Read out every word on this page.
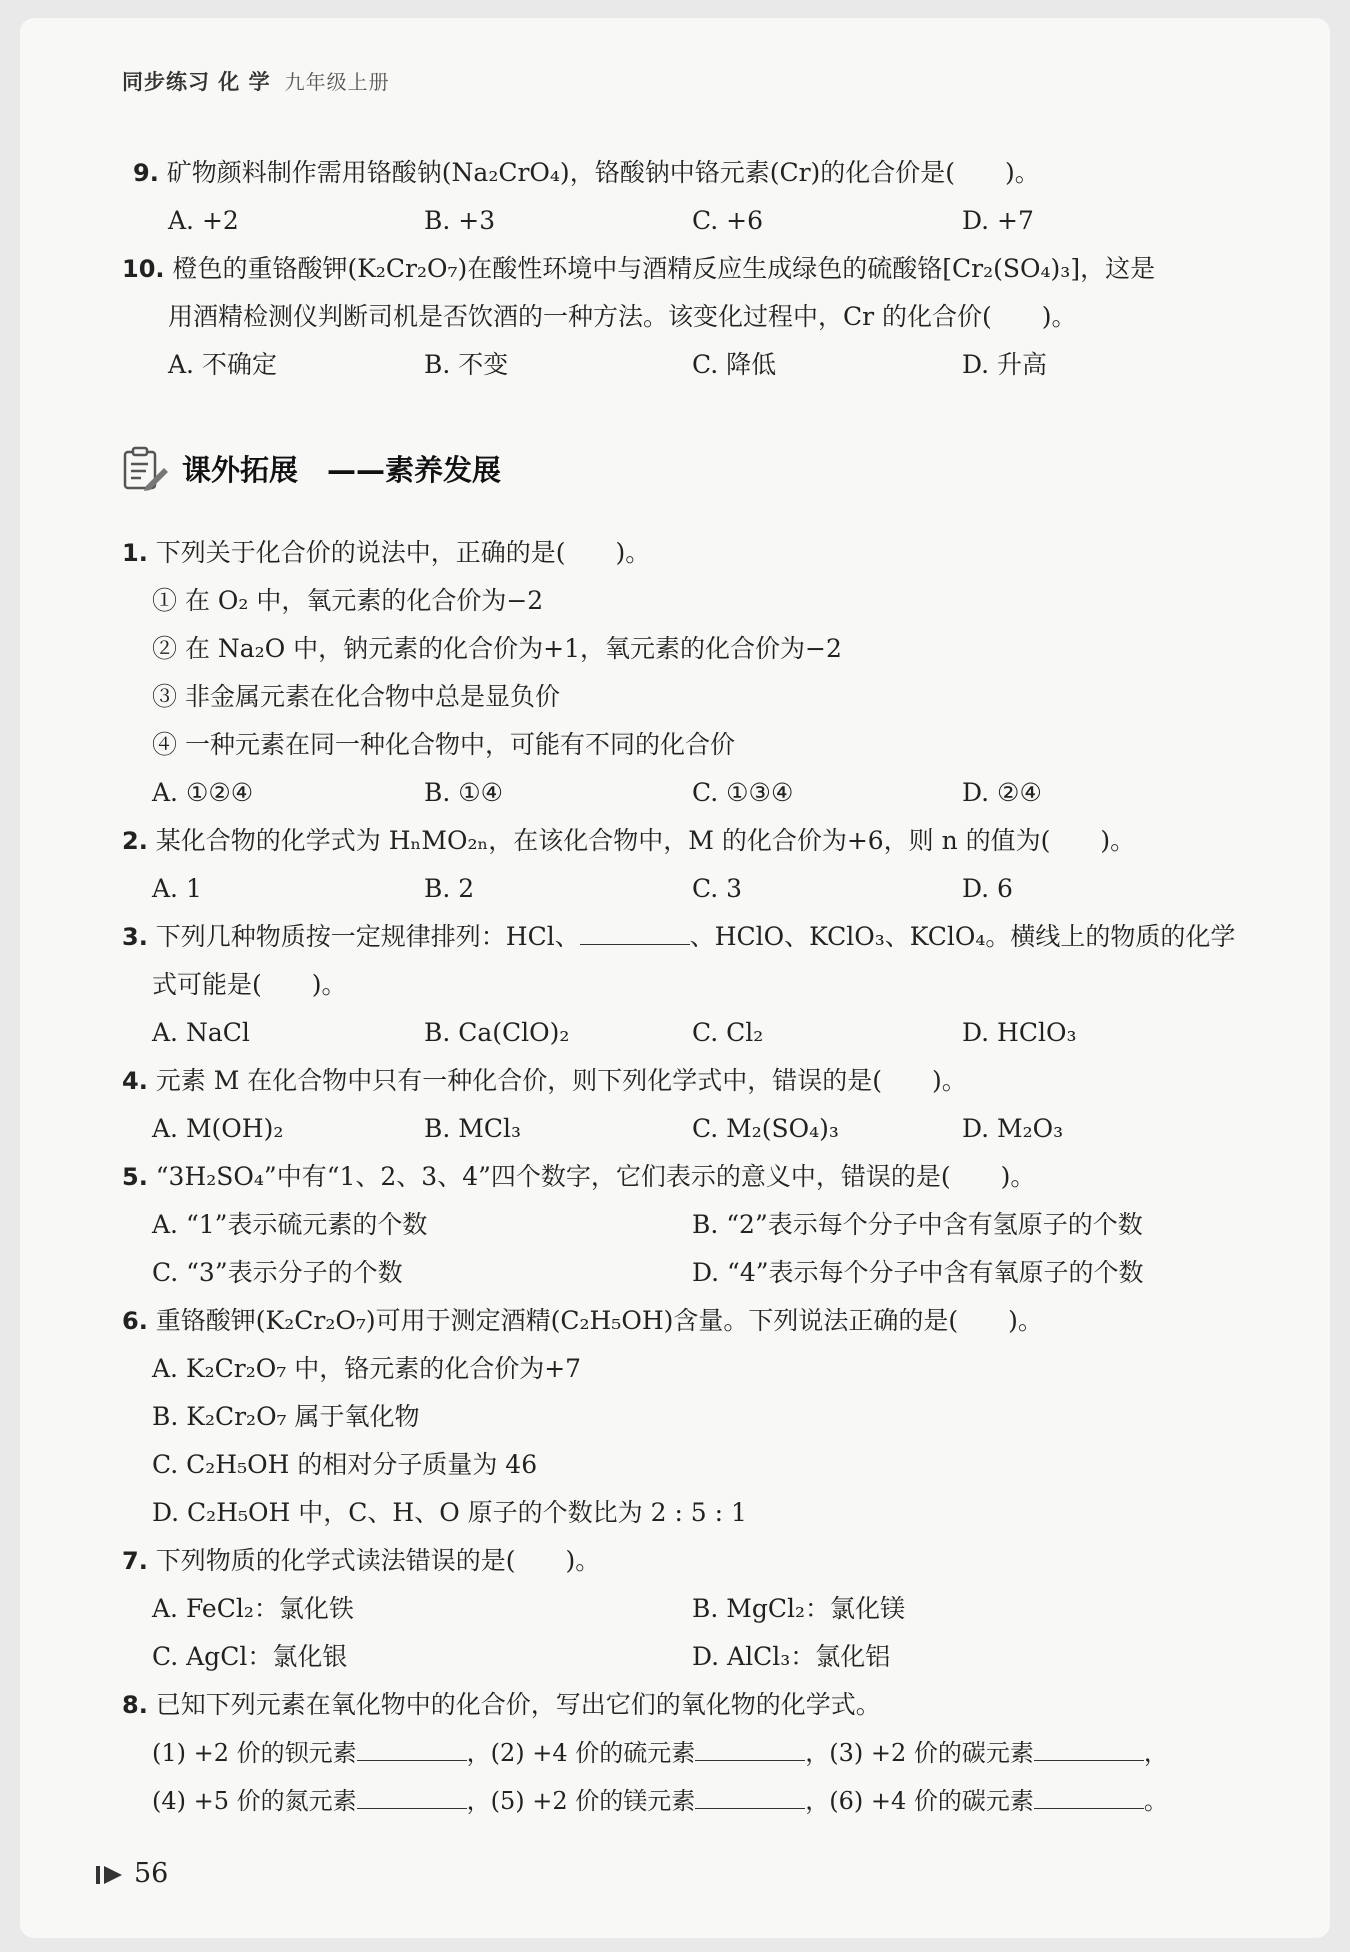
同步练习 化 学 九年级上册
9. 矿物颜料制作需用铬酸钠(Na₂CrO₄)，铬酸钠中铬元素(Cr)的化合价是(　　)。
A. +2	B. +3	C. +6	D. +7
10. 橙色的重铬酸钾(K₂Cr₂O₇)在酸性环境中与酒精反应生成绿色的硫酸铬[Cr₂(SO₄)₃]，这是
用酒精检测仪判断司机是否饮酒的一种方法。该变化过程中，Cr 的化合价(　　)。
A. 不确定	B. 不变	C. 降低	D. 升高
课外拓展　——素养发展
1. 下列关于化合价的说法中，正确的是(　　)。
① 在 O₂ 中，氧元素的化合价为−2
② 在 Na₂O 中，钠元素的化合价为+1，氧元素的化合价为−2
③ 非金属元素在化合物中总是显负价
④ 一种元素在同一种化合物中，可能有不同的化合价
A. ①②④	B. ①④	C. ①③④	D. ②④
2. 某化合物的化学式为 HₙMO₂ₙ，在该化合物中，M 的化合价为+6，则 n 的值为(　　)。
A. 1	B. 2	C. 3	D. 6
3. 下列几种物质按一定规律排列：HCl、	、HClO、KClO₃、KClO₄。横线上的物质的化学
式可能是(　　)。
A. NaCl	B. Ca(ClO)₂	C. Cl₂	D. HClO₃
4. 元素 M 在化合物中只有一种化合价，则下列化学式中，错误的是(　　)。
A. M(OH)₂	B. MCl₃	C. M₂(SO₄)₃	D. M₂O₃
5. “3H₂SO₄”中有“1、2、3、4”四个数字，它们表示的意义中，错误的是(　　)。
A. “1”表示硫元素的个数	B. “2”表示每个分子中含有氢原子的个数
C. “3”表示分子的个数	D. “4”表示每个分子中含有氧原子的个数
6. 重铬酸钾(K₂Cr₂O₇)可用于测定酒精(C₂H₅OH)含量。下列说法正确的是(　　)。
A. K₂Cr₂O₇ 中，铬元素的化合价为+7
B. K₂Cr₂O₇ 属于氧化物
C. C₂H₅OH 的相对分子质量为 46
D. C₂H₅OH 中，C、H、O 原子的个数比为 2 : 5 : 1
7. 下列物质的化学式读法错误的是(　　)。
A. FeCl₂：氯化铁	B. MgCl₂：氯化镁
C. AgCl：氯化银	D. AlCl₃：氯化铝
8. 已知下列元素在氧化物中的化合价，写出它们的氧化物的化学式。
(1) +2 价的钡元素	，(2) +4 价的硫元素	，(3) +2 价的碳元素	，
(4) +5 价的氮元素	，(5) +2 价的镁元素	，(6) +4 价的碳元素	。
56
